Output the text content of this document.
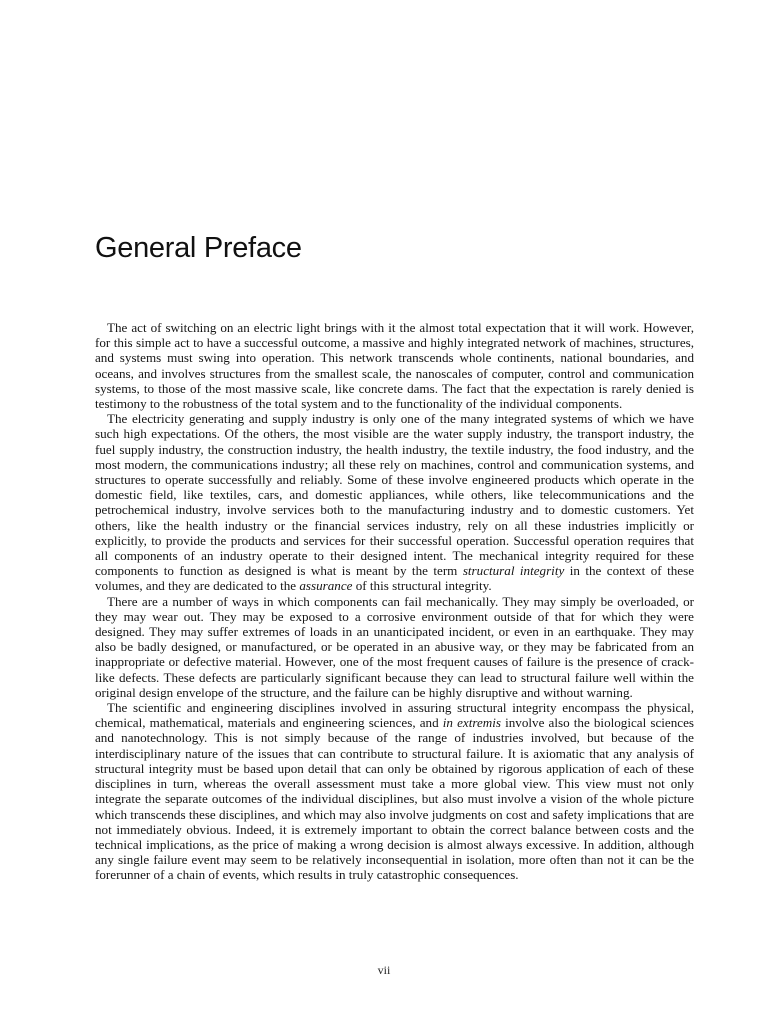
General Preface

The act of switching on an electric light brings with it the almost total expectation that it will work. However, for this simple act to have a successful outcome, a massive and highly integrated network of machines, structures, and systems must swing into operation. This network transcends whole continents, national boundaries, and oceans, and involves structures from the smallest scale, the nanoscales of computer, control and communication systems, to those of the most massive scale, like concrete dams. The fact that the expectation is rarely denied is testimony to the robustness of the total system and to the functionality of the individual components.

The electricity generating and supply industry is only one of the many integrated systems of which we have such high expectations. Of the others, the most visible are the water supply industry, the transport industry, the fuel supply industry, the construction industry, the health industry, the textile industry, the food industry, and the most modern, the communications industry; all these rely on machines, control and communication systems, and structures to operate successfully and reliably. Some of these involve engineered products which operate in the domestic field, like textiles, cars, and domestic appliances, while others, like telecommunications and the petrochemical industry, involve services both to the manufacturing industry and to domestic customers. Yet others, like the health industry or the financial services industry, rely on all these industries implicitly or explicitly, to provide the products and services for their successful operation. Successful operation requires that all components of an industry operate to their designed intent. The mechanical integrity required for these components to function as designed is what is meant by the term structural integrity in the context of these volumes, and they are dedicated to the assurance of this structural integrity.

There are a number of ways in which components can fail mechanically. They may simply be overloaded, or they may wear out. They may be exposed to a corrosive environment outside of that for which they were designed. They may suffer extremes of loads in an unanticipated incident, or even in an earthquake. They may also be badly designed, or manufactured, or be operated in an abusive way, or they may be fabricated from an inappropriate or defective material. However, one of the most frequent causes of failure is the presence of crack-like defects. These defects are particularly significant because they can lead to structural failure well within the original design envelope of the structure, and the failure can be highly disruptive and without warning.

The scientific and engineering disciplines involved in assuring structural integrity encompass the physical, chemical, mathematical, materials and engineering sciences, and in extremis involve also the biological sciences and nanotechnology. This is not simply because of the range of industries involved, but because of the interdisciplinary nature of the issues that can contribute to structural failure. It is axiomatic that any analysis of structural integrity must be based upon detail that can only be obtained by rigorous application of each of these disciplines in turn, whereas the overall assessment must take a more global view. This view must not only integrate the separate outcomes of the individual disciplines, but also must involve a vision of the whole picture which transcends these disciplines, and which may also involve judgments on cost and safety implications that are not immediately obvious. Indeed, it is extremely important to obtain the correct balance between costs and the technical implications, as the price of making a wrong decision is almost always excessive. In addition, although any single failure event may seem to be relatively inconsequential in isolation, more often than not it can be the forerunner of a chain of events, which results in truly catastrophic consequences.

vii
